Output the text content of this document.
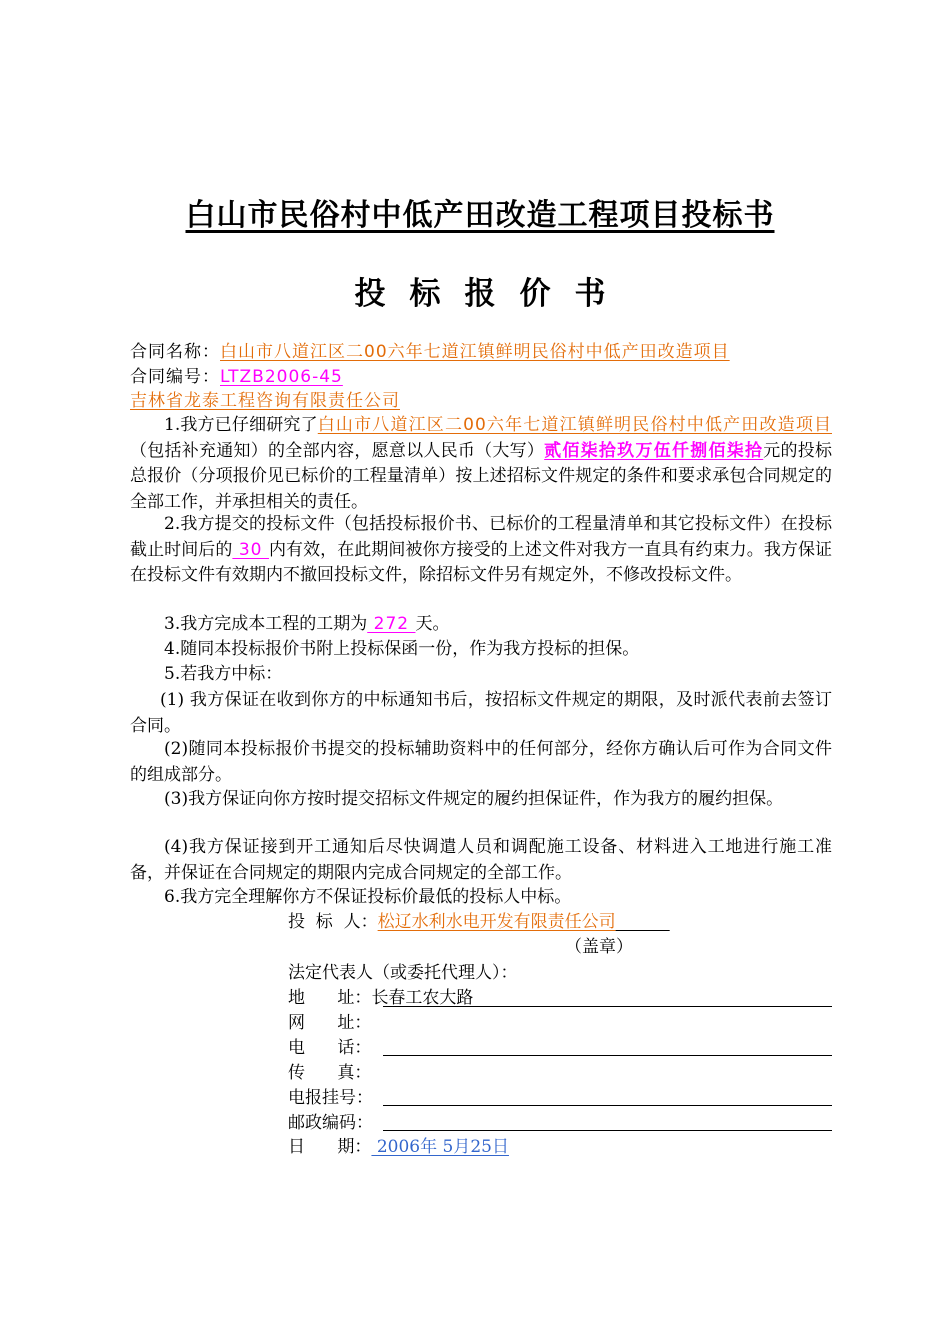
白山市民俗村中低产田改造工程项目投标书
投标报价书
合同名称：白山市八道江区二00六年七道江镇鲜明民俗村中低产田改造项目
合同编号：LTZB2006-45
吉林省龙泰工程咨询有限责任公司
1.我方已仔细研究了白山市八道江区二00六年七道江镇鲜明民俗村中低产田改造项目（包括补充通知）的全部内容，愿意以人民币（大写）贰佰柒拾玖万伍仟捌佰柒拾元的投标总报价（分项报价见已标价的工程量清单）按上述招标文件规定的条件和要求承包合同规定的全部工作，并承担相关的责任。
2.我方提交的投标文件（包括投标报价书、已标价的工程量清单和其它投标文件）在投标截止时间后的 30 内有效，在此期间被你方接受的上述文件对我方一直具有约束力。我方保证在投标文件有效期内不撤回投标文件，除招标文件另有规定外，不修改投标文件。
3.我方完成本工程的工期为 272 天。
4.随同本投标报价书附上投标保函一份，作为我方投标的担保。
5.若我方中标：
(1) 我方保证在收到你方的中标通知书后，按招标文件规定的期限，及时派代表前去签订合同。
(2)随同本投标报价书提交的投标辅助资料中的任何部分，经你方确认后可作为合同文件的组成部分。
(3)我方保证向你方按时提交招标文件规定的履约担保证件，作为我方的履约担保。
(4)我方保证接到开工通知后尽快调遣人员和调配施工设备、材料进入工地进行施工准备，并保证在合同规定的期限内完成合同规定的全部工作。
6.我方完全理解你方不保证投标价最低的投标人中标。
投  标  人：松辽水利水电开发有限责任公司
（盖章）
法定代表人（或委托代理人）：
地      址：长春工农大路
网      址：
电      话：
传      真：
电报挂号：
邮政编码：
日      期： 2006年 5月25日
